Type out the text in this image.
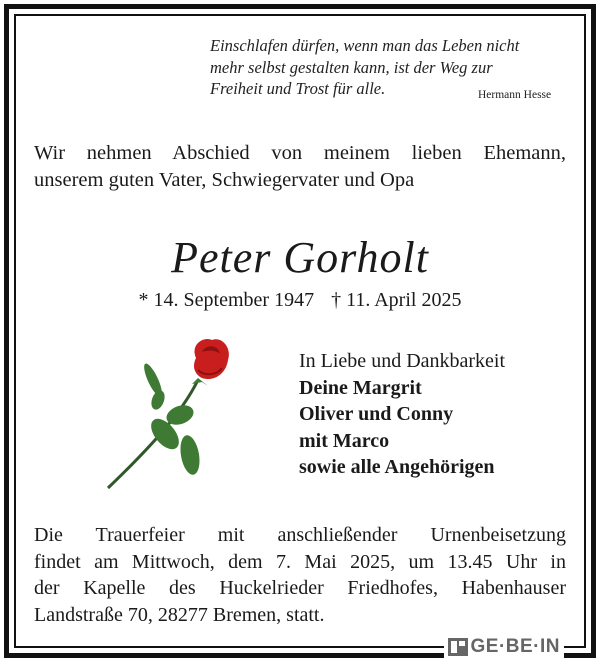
Einschlafen dürfen, wenn man das Leben nicht
mehr selbst gestalten kann, ist der Weg zur
Freiheit und Trost für alle.	Hermann Hesse
Wir nehmen Abschied von meinem lieben Ehemann,
unserem guten Vater, Schwiegervater und Opa
Peter Gorholt
* 14. September 1947 † 11. April 2025
In Liebe und Dankbarkeit
Deine Margrit
Oliver und Conny
mit Marco
sowie alle Angehörigen
Die Trauerfeier mit anschließender Urnenbeisetzung
findet am Mittwoch, dem 7. Mai 2025, um 13.45 Uhr in
der Kapelle des Huckelrieder Friedhofes, Habenhauser
Landstraße 70, 28277 Bremen, statt.
GE·BE·IN
